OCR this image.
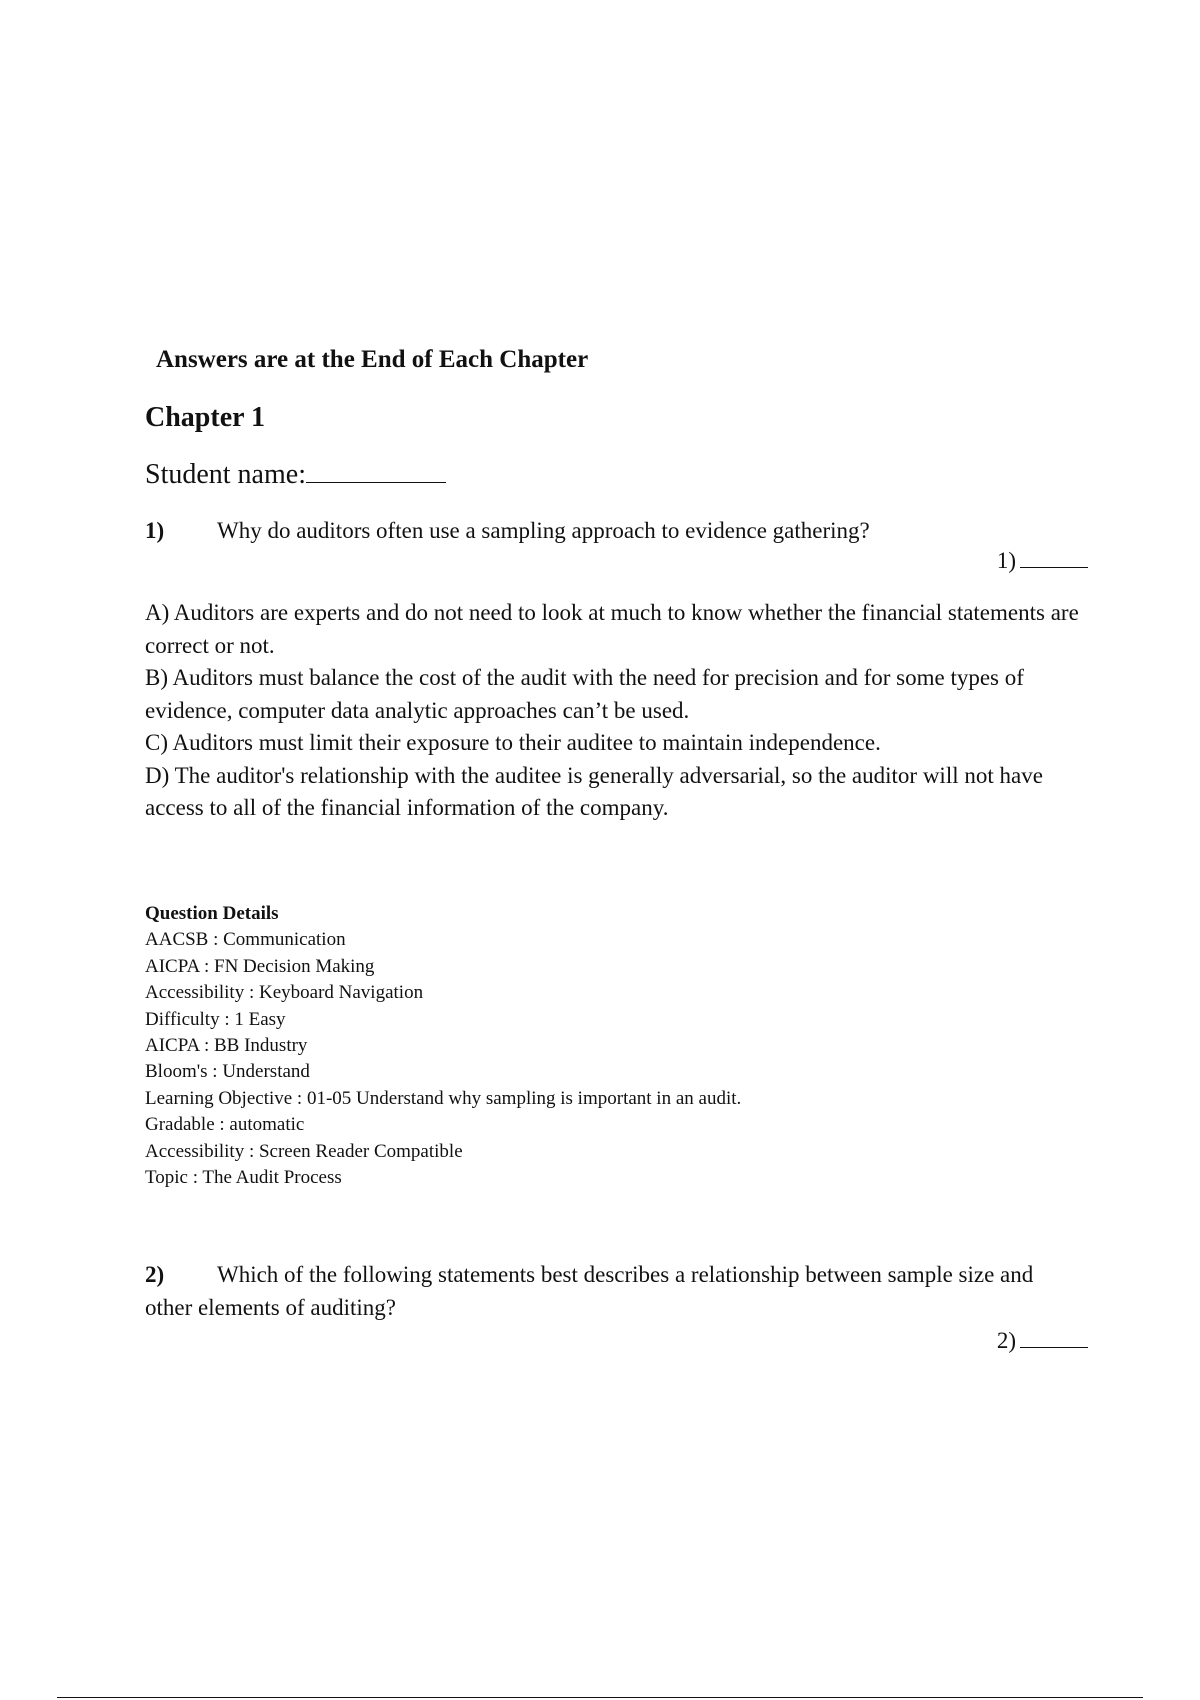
Answers are at the End of Each Chapter
Chapter 1
Student name:
1) Why do auditors often use a sampling approach to evidence gathering?
1)

A) Auditors are experts and do not need to look at much to know whether the financial statements are correct or not.

B) Auditors must balance the cost of the audit with the need for precision and for some types of evidence, computer data analytic approaches can’t be used.

C) Auditors must limit their exposure to their auditee to maintain independence.

D) The auditor's relationship with the auditee is generally adversarial, so the auditor will not have access to all of the financial information of the company.

Question Details
AACSB : Communication
AICPA : FN Decision Making
Accessibility : Keyboard Navigation
Difficulty : 1 Easy
AICPA : BB Industry
Bloom's : Understand
Learning Objective : 01-05 Understand why sampling is important in an audit.
Gradable : automatic
Accessibility : Screen Reader Compatible
Topic : The Audit Process
2) Which of the following statements best describes a relationship between sample size and other elements of auditing?
2)
